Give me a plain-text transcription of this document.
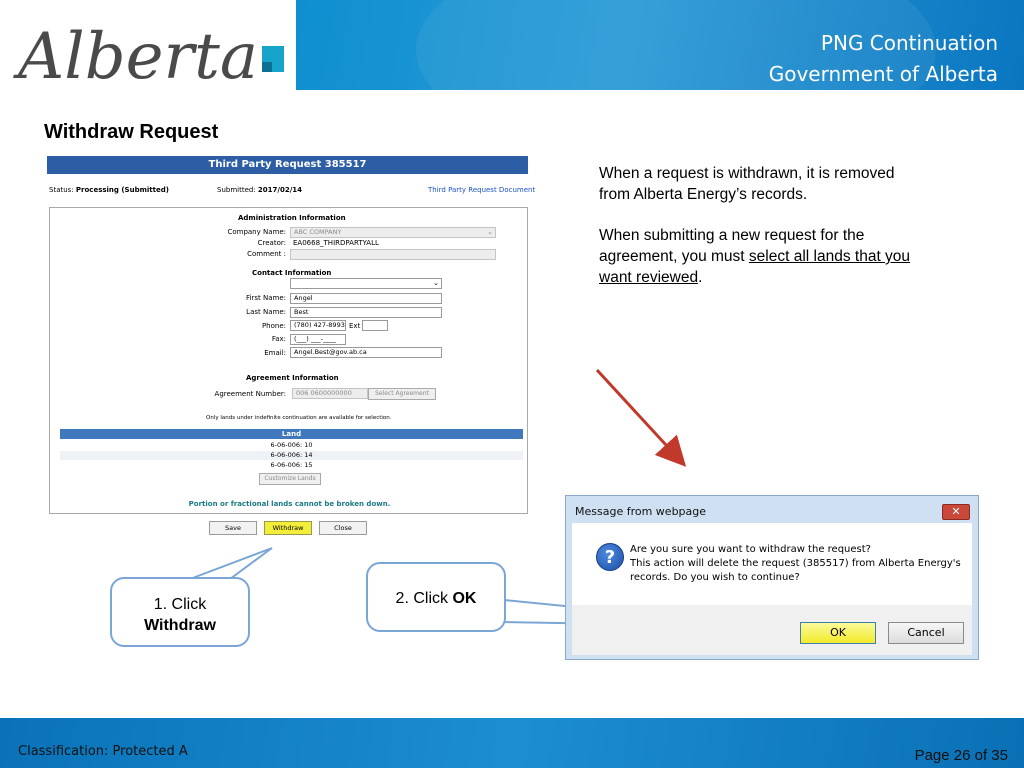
Alberta	PNG Continuation
Government of Alberta
Withdraw Request
Third Party Request 385517
Status: Processing (Submitted)	Submitted: 2017/02/14	Third Party Request Document
Administration Information
Company Name:	ABC COMPANY	⌄
Creator: EA0668_THIRDPARTYALL
Comment :
Contact Information
⌄
First Name:	Angel
Last Name:	Best
Phone:	(780) 427-8993 Ext
Fax:	(___) ___-____
Email:	Angel.Best@gov.ab.ca
Agreement Information
Agreement Number:	006 0600000000	Select Agreement
Only lands under indefinite continuation are available for selection.
Land
6-06-006: 10
6-06-006: 14
6-06-006: 15
Customize Lands
Portion or fractional lands cannot be broken down.
Save	Withdraw	Close

When a request is withdrawn, it is removed from Alberta Energy’s records.

When submitting a new request for the agreement, you must select all lands that you want reviewed.

1. Click
Withdraw
2. Click OK
Message from webpage	✕
?	Are you sure you want to withdraw the request?
This action will delete the request (385517) from Alberta Energy's
records. Do you wish to continue?
OK	Cancel
Classification: Protected A	Page 26 of 35
